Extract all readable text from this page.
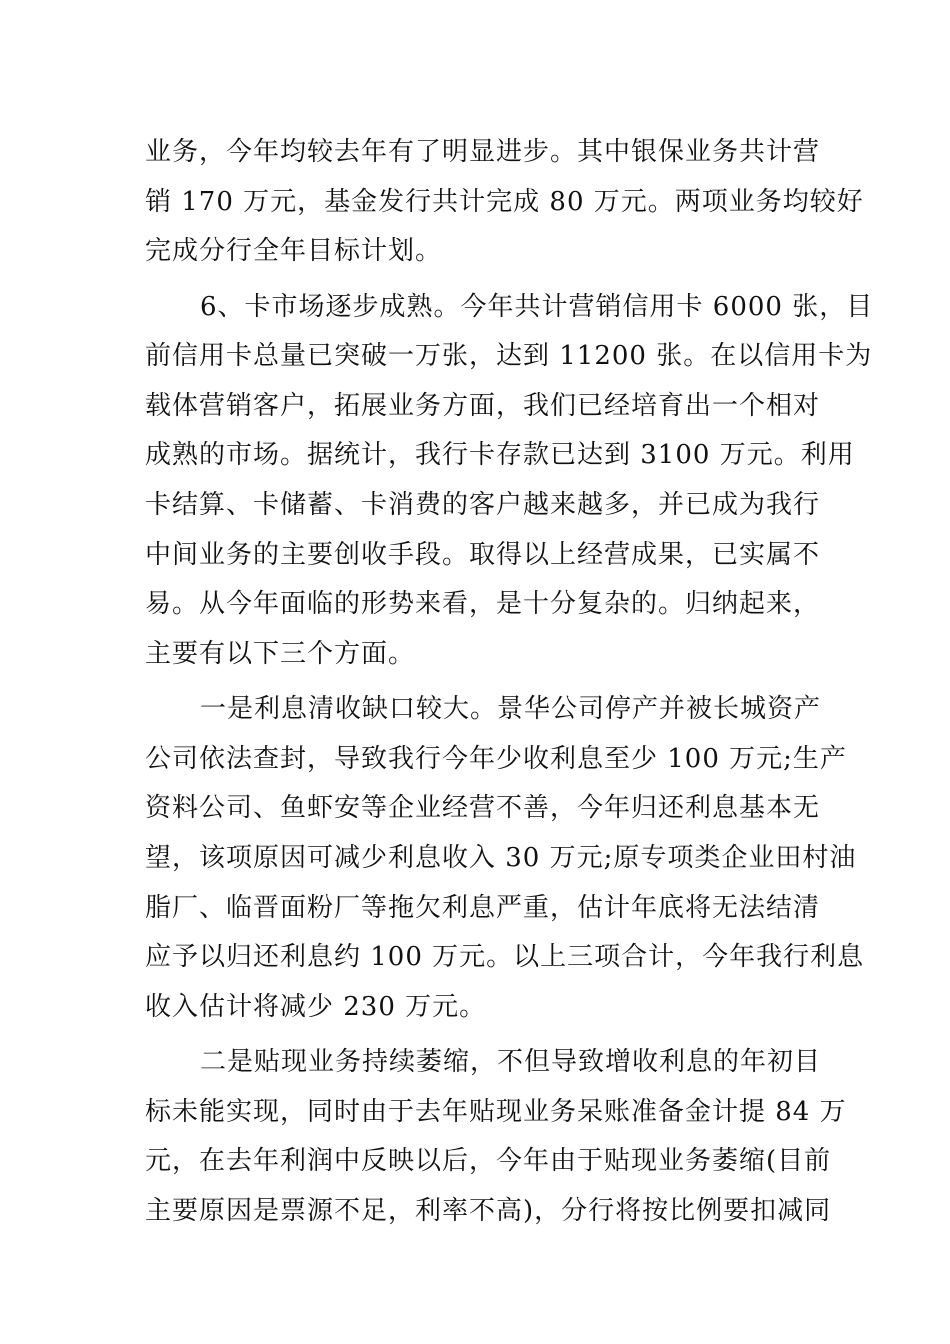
业务，今年均较去年有了明显进步。其中银保业务共计营

销 170 万元，基金发行共计完成 80 万元。两项业务均较好

完成分行全年目标计划。

6、卡市场逐步成熟。今年共计营销信用卡 6000 张，目

前信用卡总量已突破一万张，达到 11200 张。在以信用卡为

载体营销客户，拓展业务方面，我们已经培育出一个相对

成熟的市场。据统计，我行卡存款已达到 3100 万元。利用

卡结算、卡储蓄、卡消费的客户越来越多，并已成为我行

中间业务的主要创收手段。取得以上经营成果，已实属不

易。从今年面临的形势来看，是十分复杂的。归纳起来，

主要有以下三个方面。

一是利息清收缺口较大。景华公司停产并被长城资产

公司依法查封，导致我行今年少收利息至少 100 万元;生产

资料公司、鱼虾安等企业经营不善，今年归还利息基本无

望，该项原因可减少利息收入 30 万元;原专项类企业田村油

脂厂、临晋面粉厂等拖欠利息严重，估计年底将无法结清

应予以归还利息约 100 万元。以上三项合计，今年我行利息

收入估计将减少 230 万元。

二是贴现业务持续萎缩，不但导致增收利息的年初目

标未能实现，同时由于去年贴现业务呆账准备金计提 84 万

元，在去年利润中反映以后，今年由于贴现业务萎缩(目前

主要原因是票源不足，利率不高)，分行将按比例要扣减同
